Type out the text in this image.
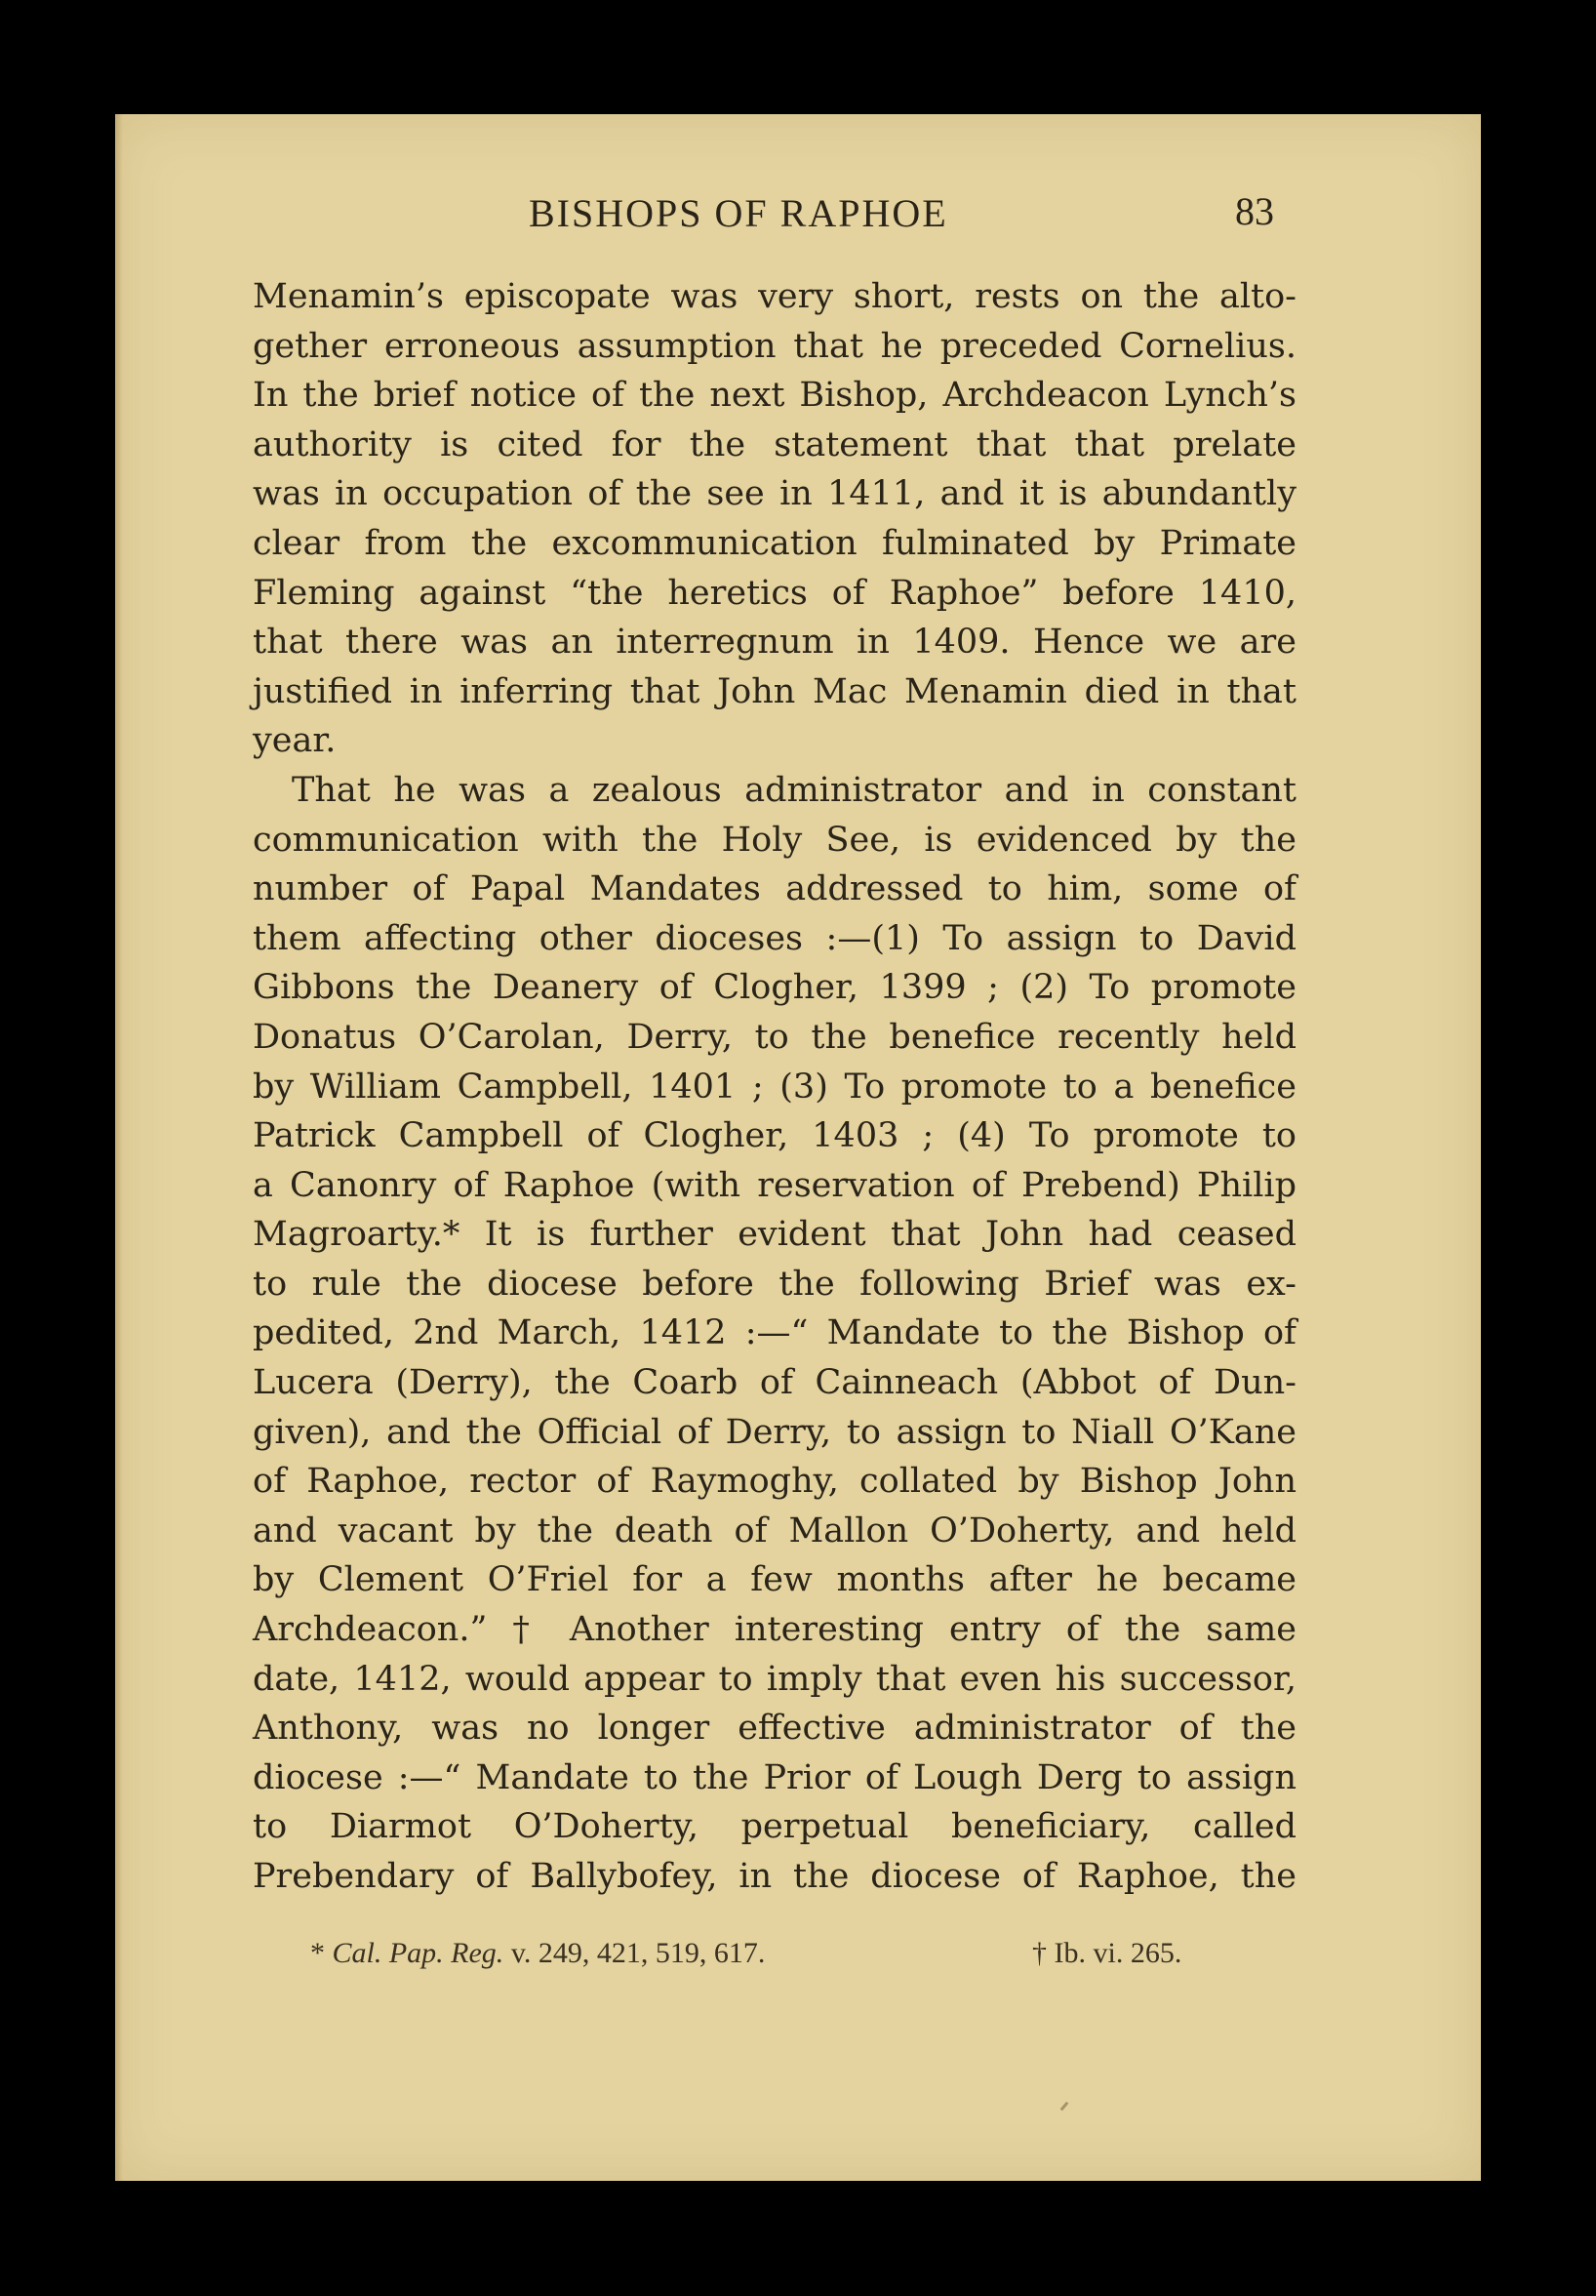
BISHOPS OF RAPHOE	83
Menamin’s episcopate was very short, rests on the alto-
gether erroneous assumption that he preceded Cornelius.
In the brief notice of the next Bishop, Archdeacon Lynch’s
authority is cited for the statement that that prelate
was in occupation of the see in 1411, and it is abundantly
clear from the excommunication fulminated by Primate
Fleming against “the heretics of Raphoe” before 1410,
that there was an interregnum in 1409. Hence we are
justified in inferring that John Mac Menamin died in that
year.
That he was a zealous administrator and in constant
communication with the Holy See, is evidenced by the
number of Papal Mandates addressed to him, some of
them affecting other dioceses :—(1) To assign to David
Gibbons the Deanery of Clogher, 1399 ; (2) To promote
Donatus O’Carolan, Derry, to the benefice recently held
by William Campbell, 1401 ; (3) To promote to a benefice
Patrick Campbell of Clogher, 1403 ; (4) To promote to
a Canonry of Raphoe (with reservation of Prebend) Philip
Magroarty.* It is further evident that John had ceased
to rule the diocese before the following Brief was ex-
pedited, 2nd March, 1412 :—“ Mandate to the Bishop of
Lucera (Derry), the Coarb of Cainneach (Abbot of Dun-
given), and the Official of Derry, to assign to Niall O’Kane
of Raphoe, rector of Raymoghy, collated by Bishop John
and vacant by the death of Mallon O’Doherty, and held
by Clement O’Friel for a few months after he became
Archdeacon.” † Another interesting entry of the same
date, 1412, would appear to imply that even his successor,
Anthony, was no longer effective administrator of the
diocese :—“ Mandate to the Prior of Lough Derg to assign
to Diarmot O’Doherty, perpetual beneficiary, called
Prebendary of Ballybofey, in the diocese of Raphoe, the
* Cal. Pap. Reg. v. 249, 421, 519, 617.	† Ib. vi. 265.
